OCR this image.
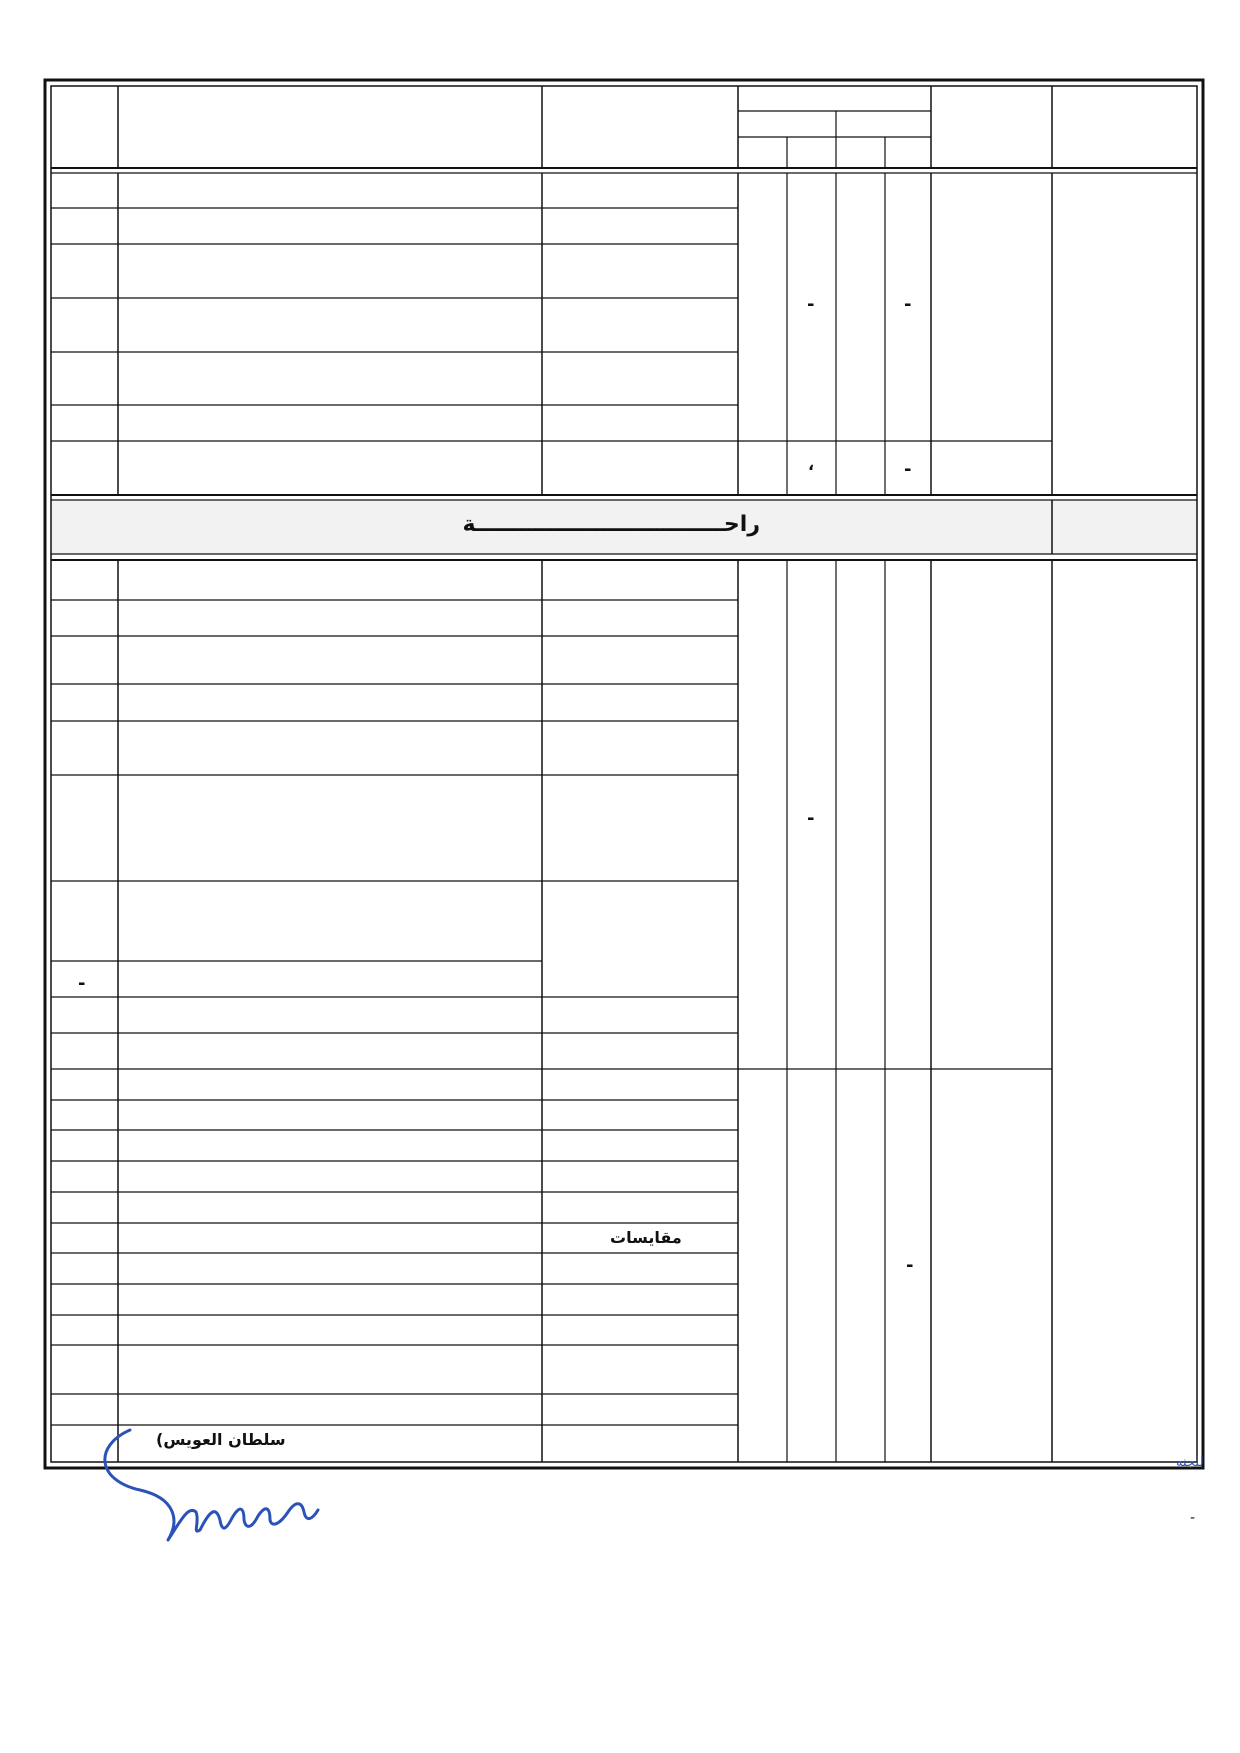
راحـــــــــــــــــــــــــــــــــة
-	-
،	-
-
-
مقايسات
-
سلطان العويس)
للجنه
-
